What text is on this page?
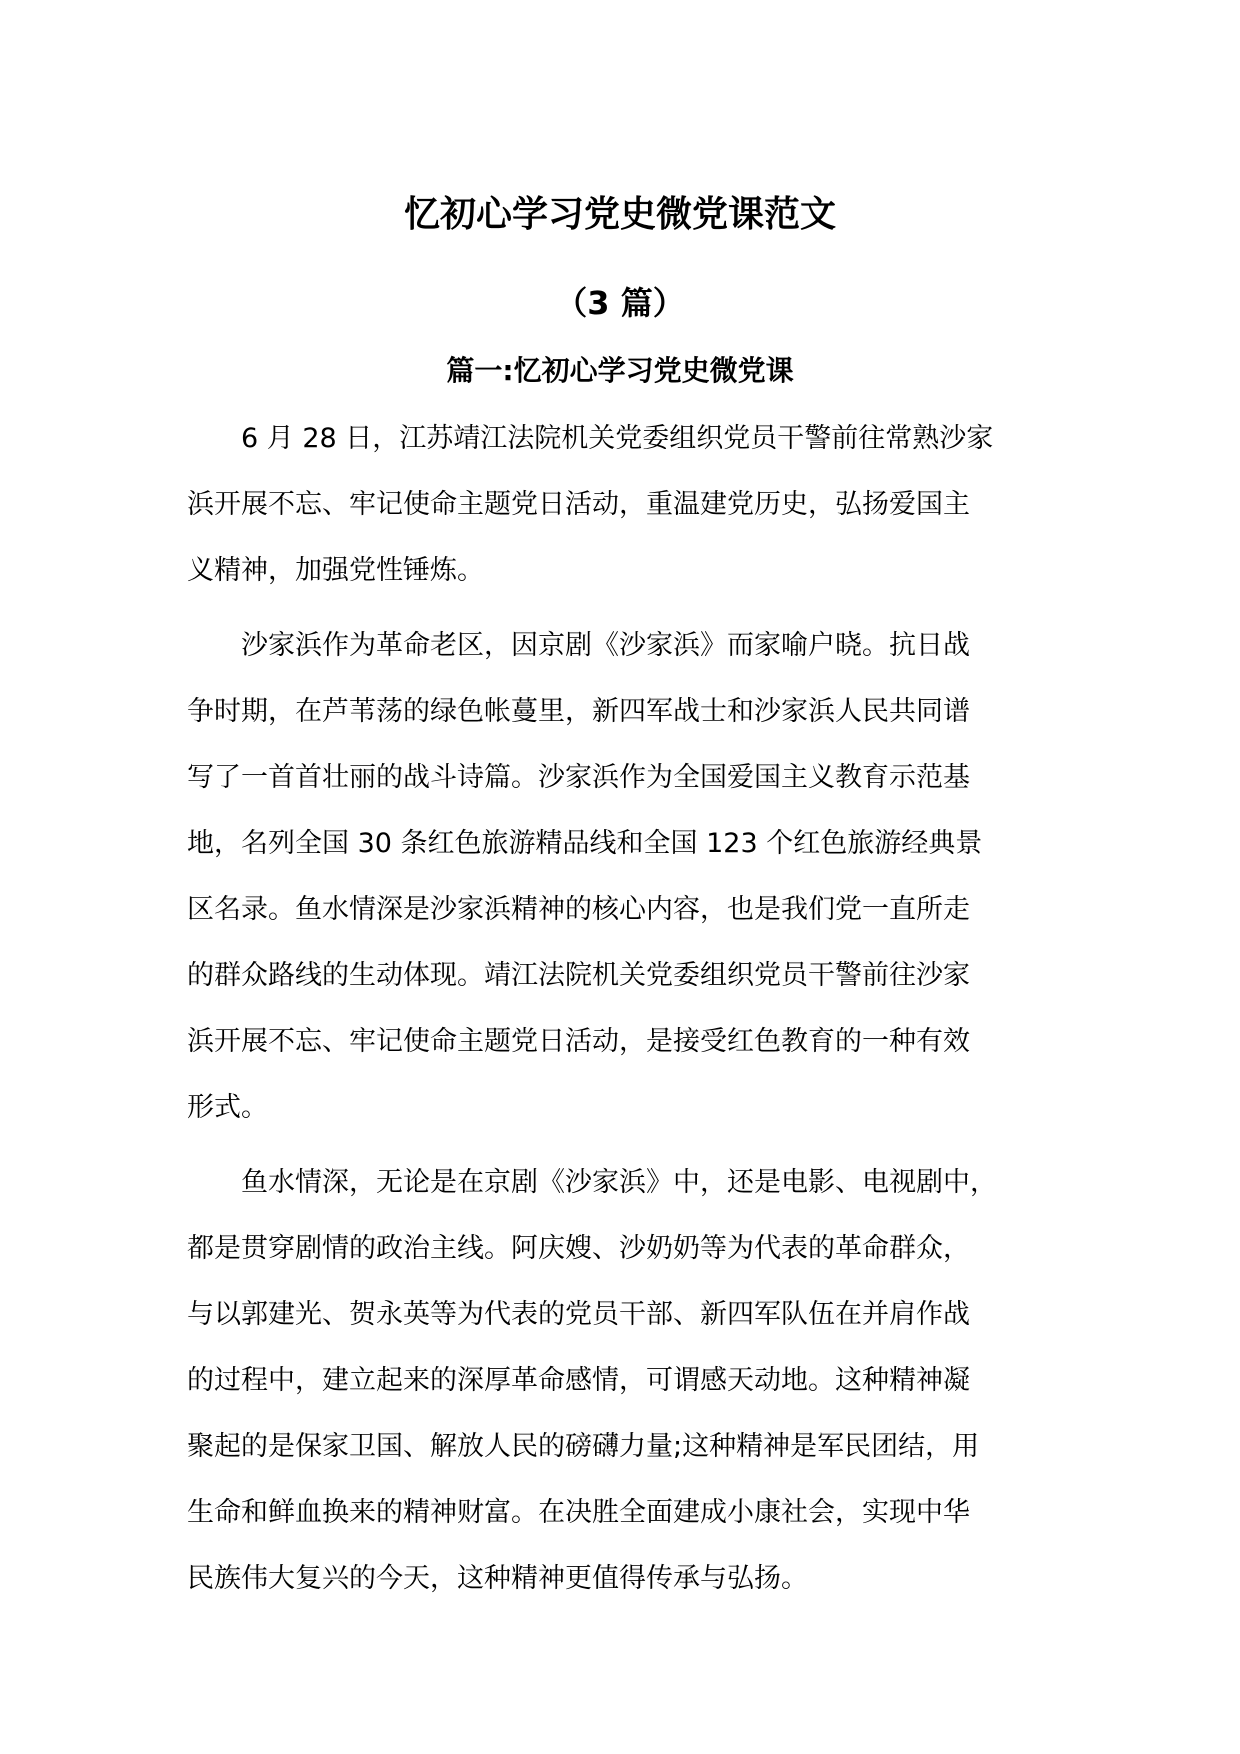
忆初心学习党史微党课范文
（3 篇）
篇一:忆初心学习党史微党课

6 月 28 日，江苏靖江法院机关党委组织党员干警前往常熟沙家
浜开展不忘、牢记使命主题党日活动，重温建党历史，弘扬爱国主
义精神，加强党性锤炼。

沙家浜作为革命老区，因京剧《沙家浜》而家喻户晓。抗日战
争时期，在芦苇荡的绿色帐蔓里，新四军战士和沙家浜人民共同谱
写了一首首壮丽的战斗诗篇。沙家浜作为全国爱国主义教育示范基
地，名列全国 30 条红色旅游精品线和全国 123 个红色旅游经典景
区名录。鱼水情深是沙家浜精神的核心内容，也是我们党一直所走
的群众路线的生动体现。靖江法院机关党委组织党员干警前往沙家
浜开展不忘、牢记使命主题党日活动，是接受红色教育的一种有效
形式。

鱼水情深，无论是在京剧《沙家浜》中，还是电影、电视剧中，
都是贯穿剧情的政治主线。阿庆嫂、沙奶奶等为代表的革命群众，
与以郭建光、贺永英等为代表的党员干部、新四军队伍在并肩作战
的过程中，建立起来的深厚革命感情，可谓感天动地。这种精神凝
聚起的是保家卫国、解放人民的磅礴力量;这种精神是军民团结，用
生命和鲜血换来的精神财富。在决胜全面建成小康社会，实现中华
民族伟大复兴的今天，这种精神更值得传承与弘扬。
